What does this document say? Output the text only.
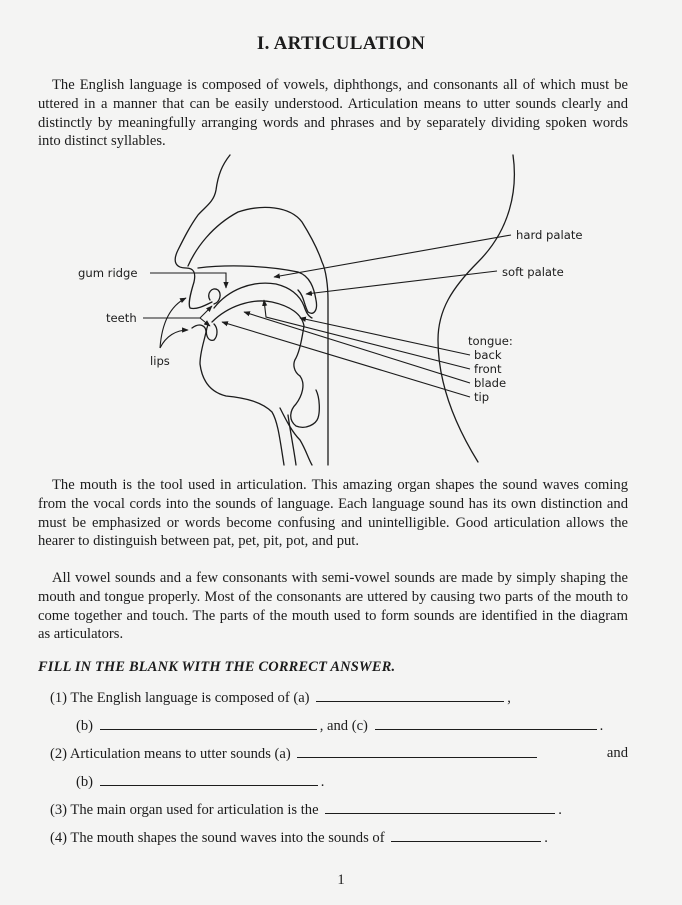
I. ARTICULATION
The English language is composed of vowels, diphthongs, and consonants all of which must be uttered in a manner that can be easily understood. Articulation means to utter sounds clearly and distinctly by meaningfully arranging words and phrases and by separately dividing spoken words into distinct syllables.
gum ridge
teeth
lips
hard palate
soft palate
tongue:
back
front
blade
tip
The mouth is the tool used in articulation. This amazing organ shapes the sound waves coming from the vocal cords into the sounds of language. Each language sound has its own distinction and must be emphasized or words become confusing and unintelligible. Good articulation allows the hearer to distinguish between pat, pet, pit, pot, and put.
All vowel sounds and a few consonants with semi-vowel sounds are made by simply shaping the mouth and tongue properly. Most of the consonants are uttered by causing two parts of the mouth to come together and touch. The parts of the mouth used to form sounds are identified in the diagram as articulators.
FILL IN THE BLANK WITH THE CORRECT ANSWER.
(1) The English language is composed of (a)	,
(b)	, and (c)	.
(2) Articulation means to utter sounds (a)	and
(b)	.
(3) The main organ used for articulation is the	.
(4) The mouth shapes the sound waves into the sounds of	.
1
